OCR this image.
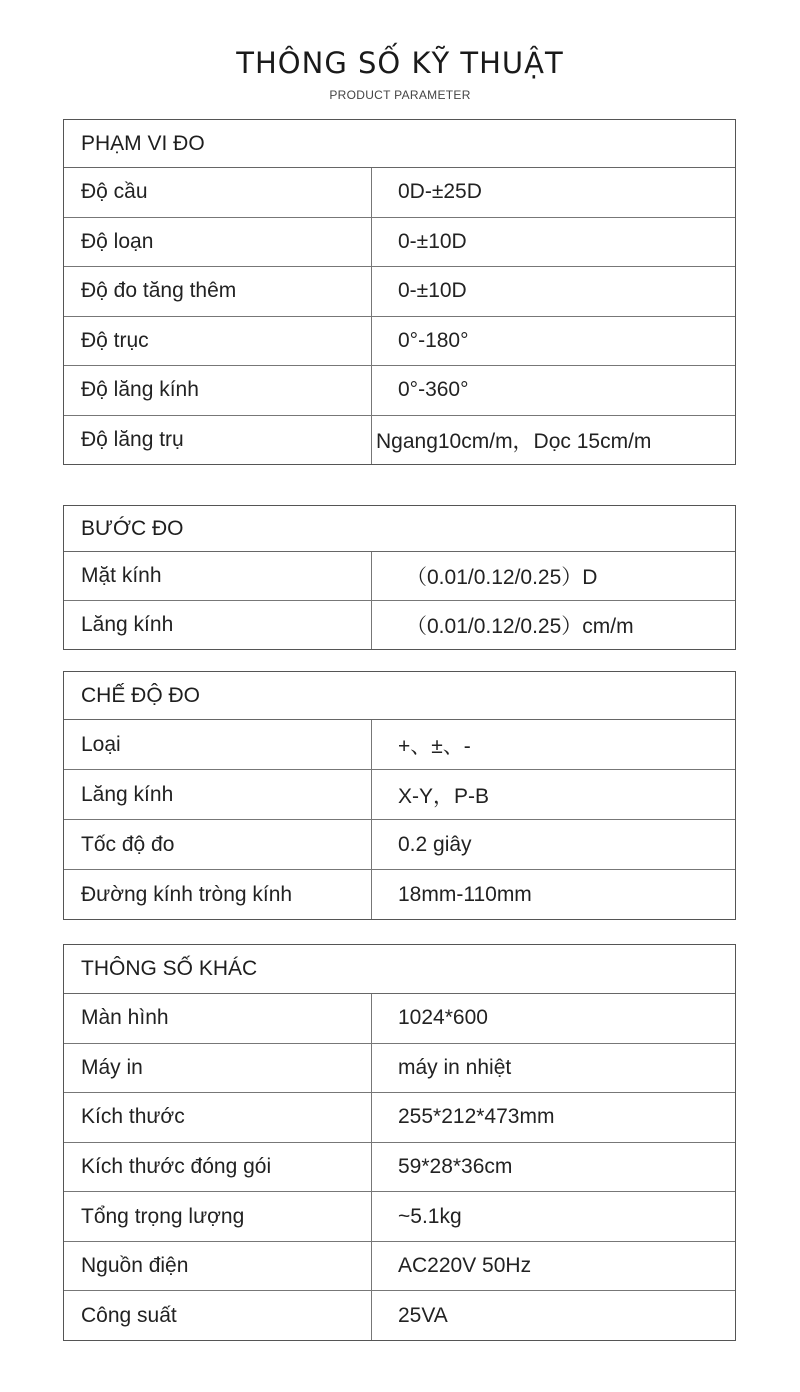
THÔNG SỐ KỸ THUẬT
PRODUCT PARAMETER
PHẠM VI ĐO
Độ cầu	0D-±25D
Độ loạn	0-±10D
Độ đo tăng thêm	0-±10D
Độ trục	0°-180°
Độ lăng kính	0°-360°
Độ lăng trụ	Ngang10cm/m，Dọc 15cm/m
BƯỚC ĐO
Mặt kính	（0.01/0.12/0.25）D
Lăng kính	（0.01/0.12/0.25）cm/m
CHẾ ĐỘ ĐO
Loại	+、±、-
Lăng kính	X-Y，P-B
Tốc độ đo	0.2 giây
Đường kính tròng kính	18mm-110mm
THÔNG SỐ KHÁC
Màn hình	1024*600
Máy in	máy in nhiệt
Kích thước	255*212*473mm
Kích thước đóng gói	59*28*36cm
Tổng trọng lượng	~5.1kg
Nguồn điện	AC220V 50Hz
Công suất	25VA
